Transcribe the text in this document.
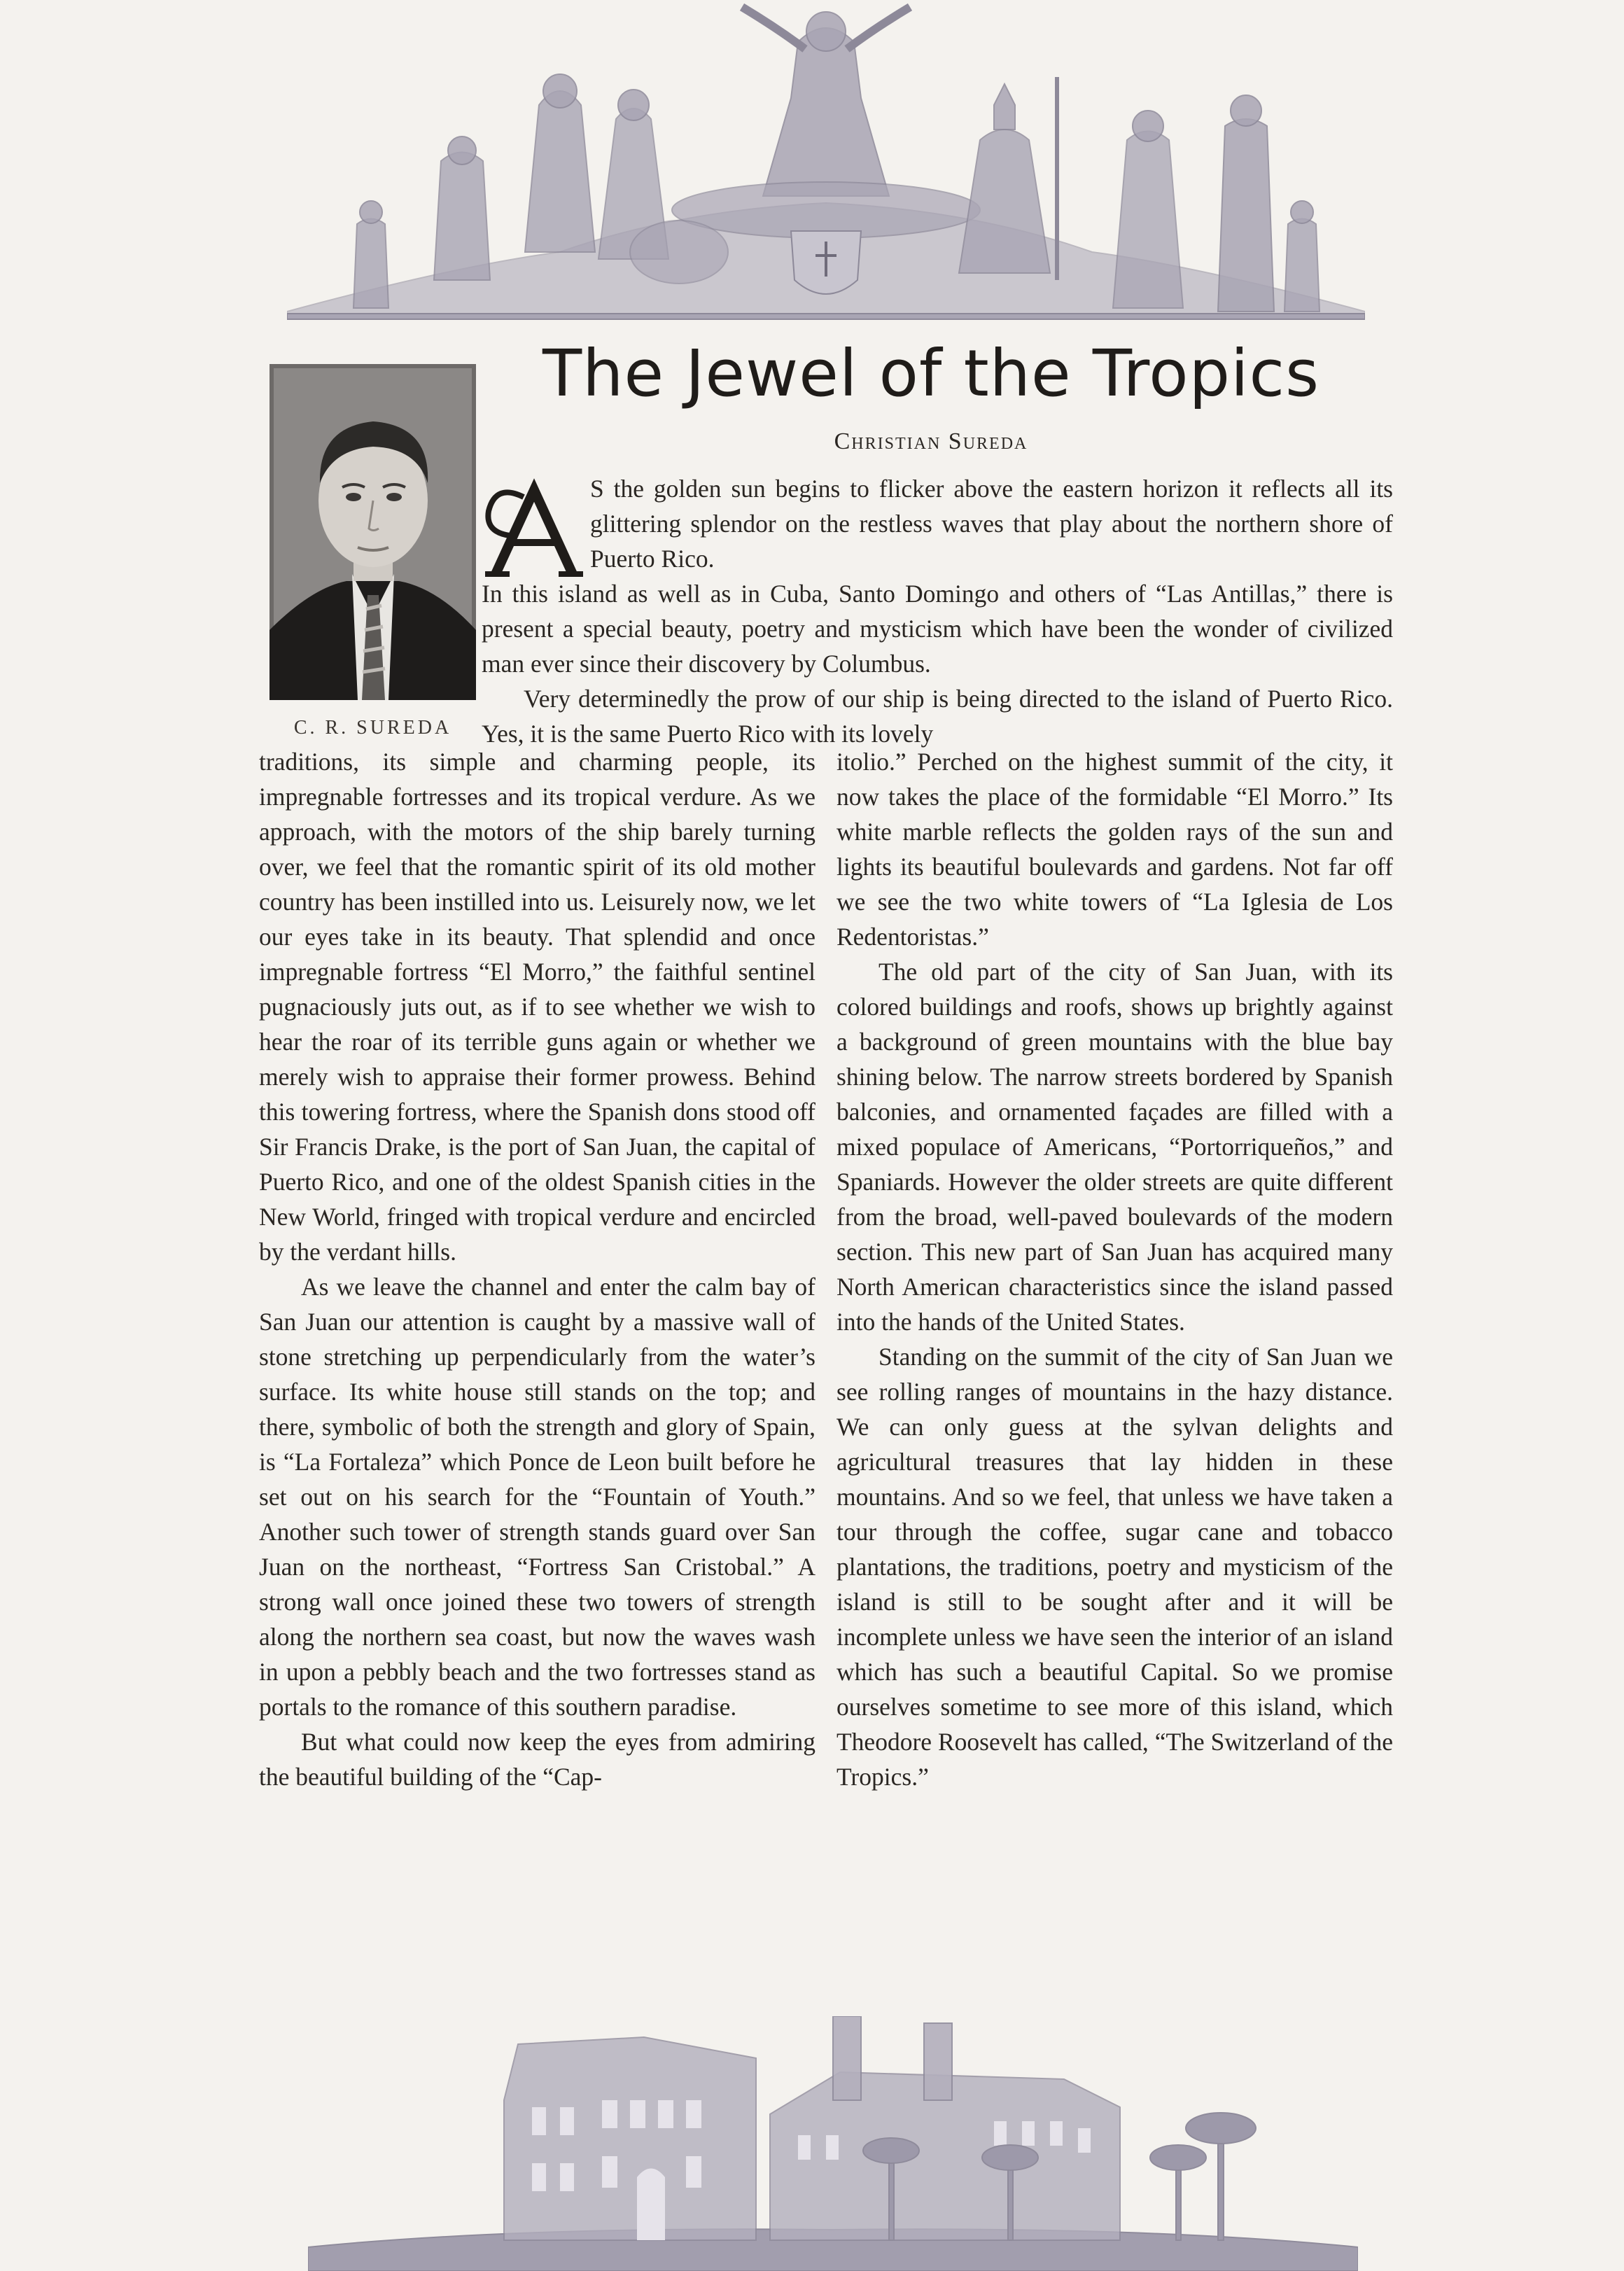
The Jewel of the Tropics
Christian Sureda
C. R. SUREDA

S the golden sun begins to flicker above the eastern horizon it reflects all its glittering splendor on the restless waves that play about the northern shore of Puerto Rico.

In this island as well as in Cuba, Santo Domingo and others of “Las Antillas,” there is present a special beauty, poetry and mysticism which have been the wonder of civilized man ever since their discovery by Columbus.

Very determinedly the prow of our ship is being directed to the island of Puerto Rico. Yes, it is the same Puerto Rico with its lovely

traditions, its simple and charming people, its impregnable fortresses and its tropical verdure. As we approach, with the motors of the ship barely turning over, we feel that the romantic spirit of its old mother country has been instilled into us. Leisurely now, we let our eyes take in its beauty. That splendid and once impregnable fortress “El Morro,” the faithful sentinel pugnaciously juts out, as if to see whether we wish to hear the roar of its terrible guns again or whether we merely wish to appraise their former prowess. Behind this towering fortress, where the Spanish dons stood off Sir Francis Drake, is the port of San Juan, the capital of Puerto Rico, and one of the oldest Spanish cities in the New World, fringed with tropical verdure and encircled by the verdant hills.

As we leave the channel and enter the calm bay of San Juan our attention is caught by a massive wall of stone stretching up perpendicularly from the water’s surface. Its white house still stands on the top; and there, symbolic of both the strength and glory of Spain, is “La Fortaleza” which Ponce de Leon built before he set out on his search for the “Fountain of Youth.” Another such tower of strength stands guard over San Juan on the northeast, “Fortress San Cristobal.” A strong wall once joined these two towers of strength along the northern sea coast, but now the waves wash in upon a pebbly beach and the two fortresses stand as portals to the romance of this southern paradise.

But what could now keep the eyes from admiring the beautiful building of the “Cap-

itolio.” Perched on the highest summit of the city, it now takes the place of the formidable “El Morro.” Its white marble reflects the golden rays of the sun and lights its beautiful boulevards and gardens. Not far off we see the two white towers of “La Iglesia de Los Redentoristas.”

The old part of the city of San Juan, with its colored buildings and roofs, shows up brightly against a background of green mountains with the blue bay shining below. The narrow streets bordered by Spanish balconies, and ornamented façades are filled with a mixed populace of Americans, “Portorriqueños,” and Spaniards. However the older streets are quite different from the broad, well-paved boulevards of the modern section. This new part of San Juan has acquired many North American characteristics since the island passed into the hands of the United States.

Standing on the summit of the city of San Juan we see rolling ranges of mountains in the hazy distance. We can only guess at the sylvan delights and agricultural treasures that lay hidden in these mountains. And so we feel, that unless we have taken a tour through the coffee, sugar cane and tobacco plantations, the traditions, poetry and mysticism of the island is still to be sought after and it will be incomplete unless we have seen the interior of an island which has such a beautiful Capital. So we promise ourselves sometime to see more of this island, which Theodore Roosevelt has called, “The Switzerland of the Tropics.”
